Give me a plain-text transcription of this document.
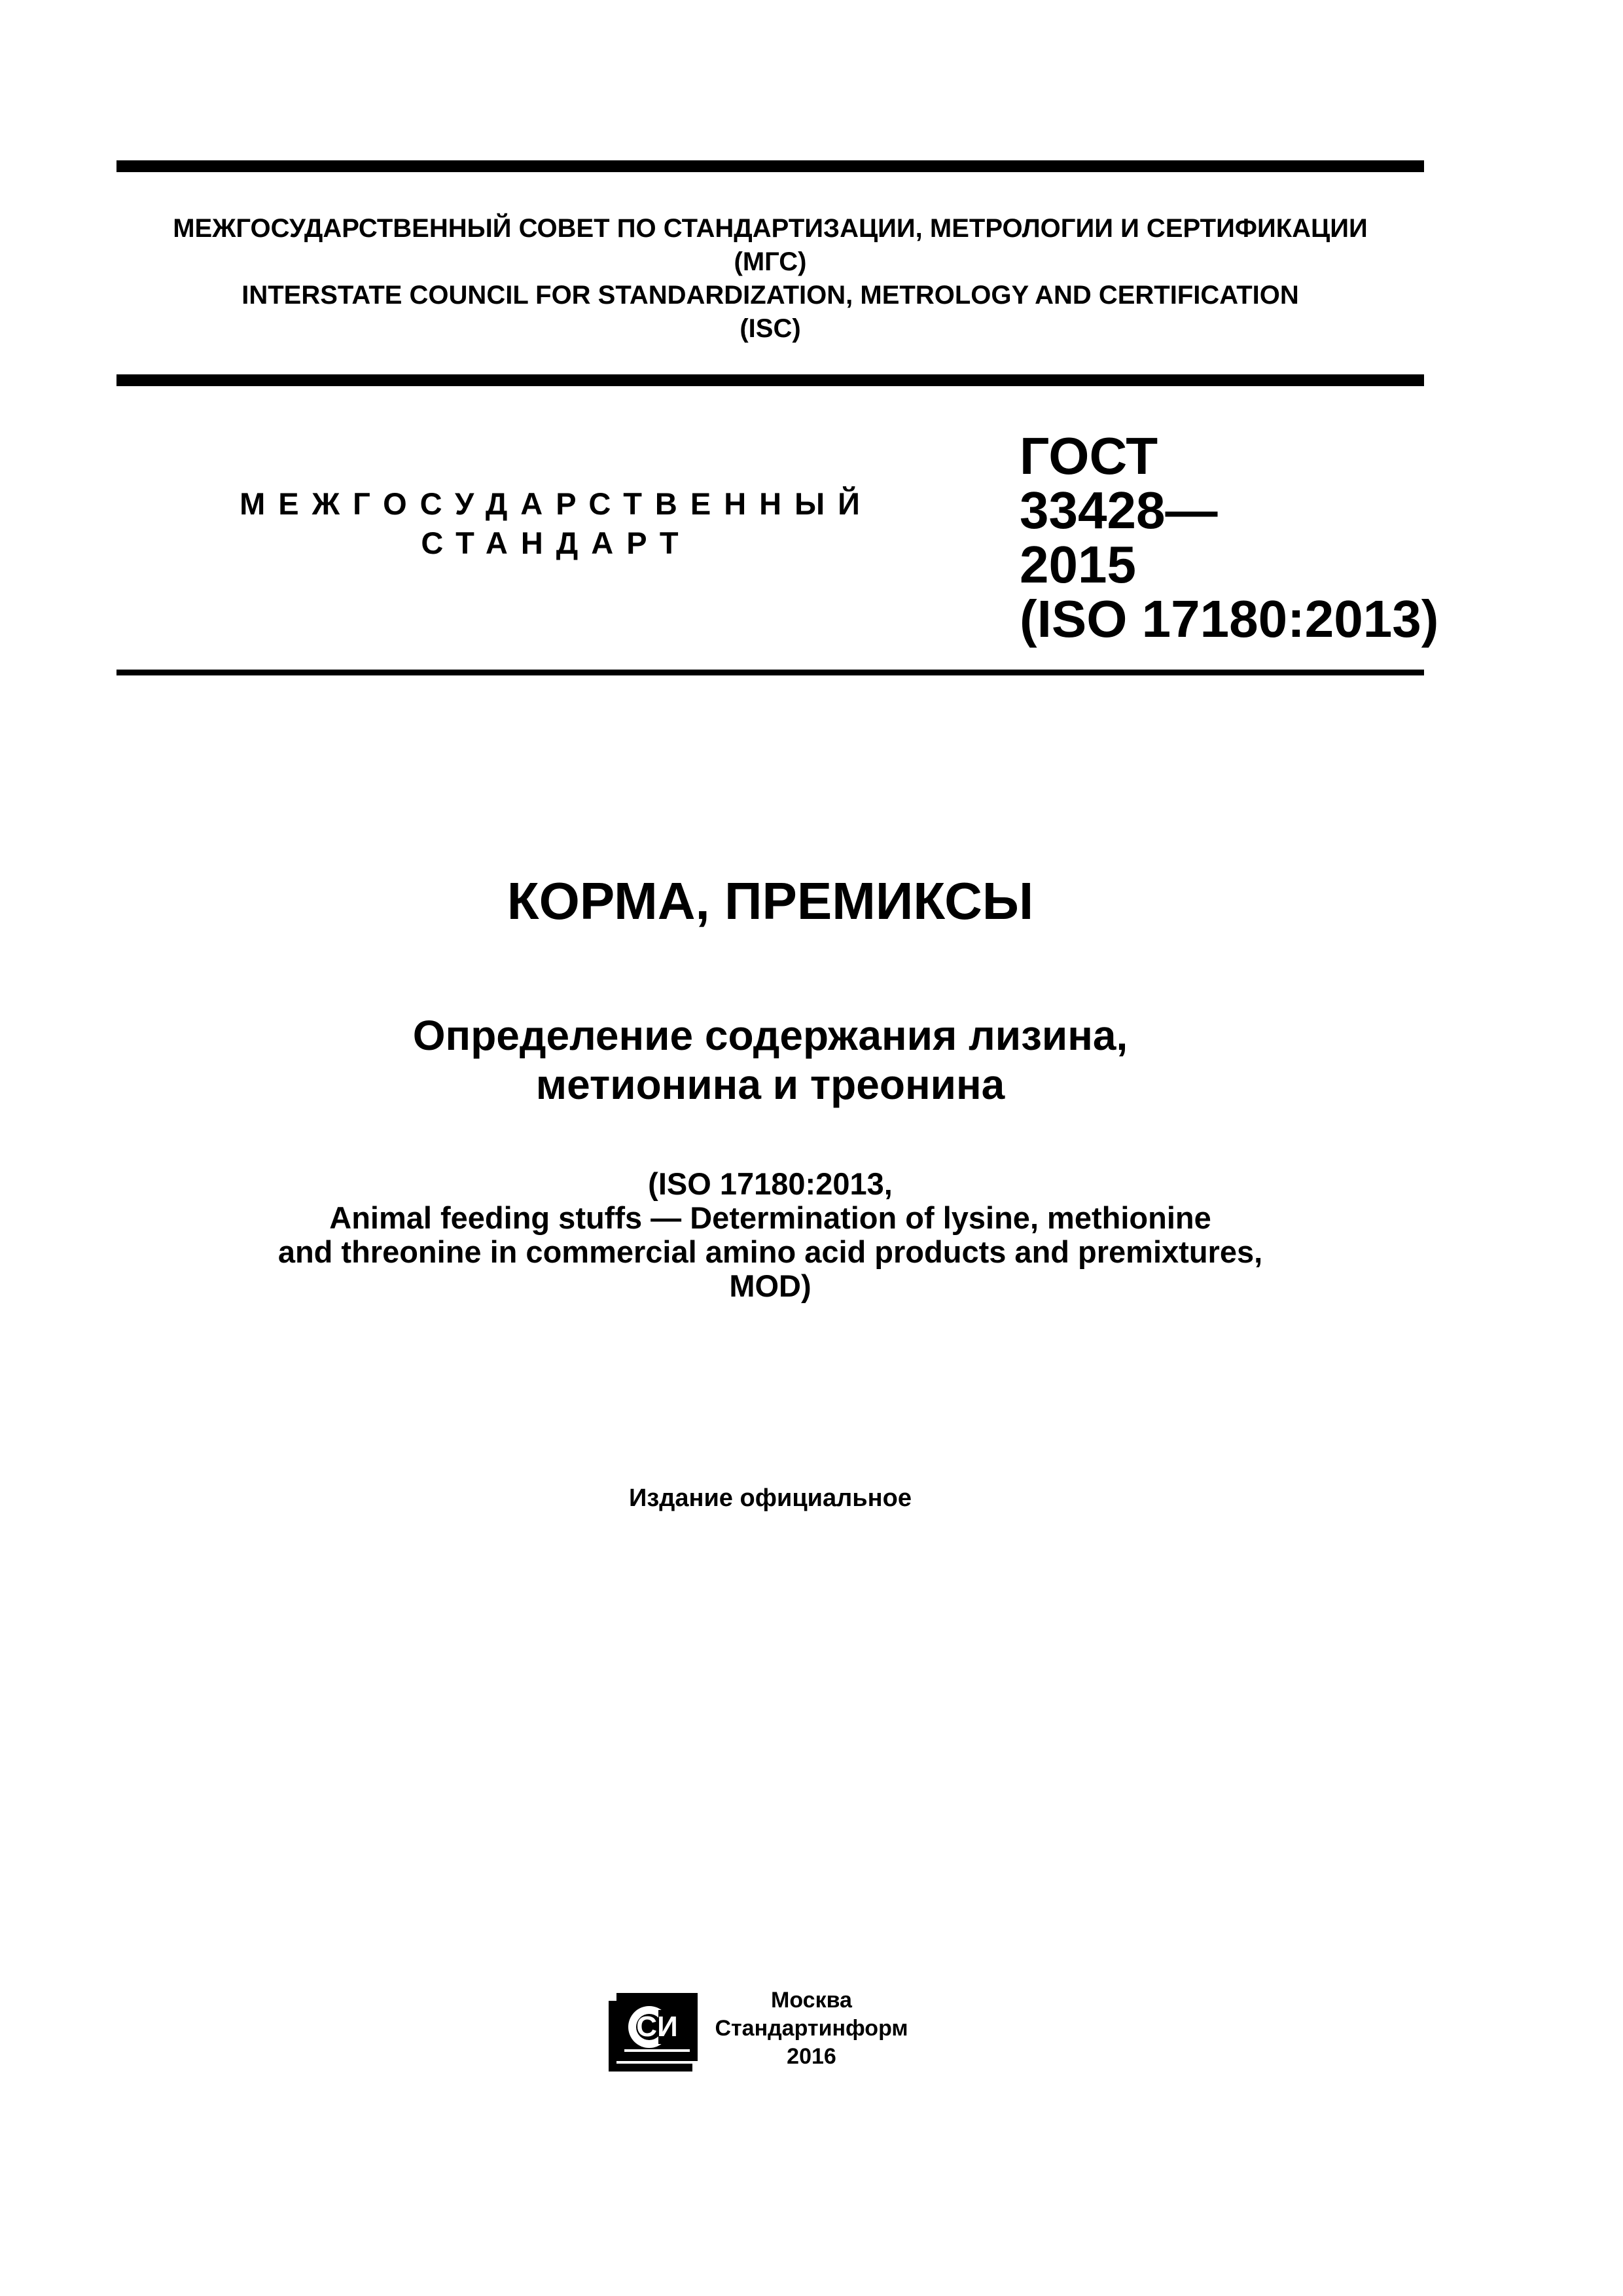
МЕЖГОСУДАРСТВЕННЫЙ СОВЕТ ПО СТАНДАРТИЗАЦИИ, МЕТРОЛОГИИ И СЕРТИФИКАЦИИ

(МГС)

INTERSTATE COUNCIL FOR STANDARDIZATION, METROLOGY AND CERTIFICATION

(ISC)

МЕЖГОСУДАРСТВЕННЫЙ
СТАНДАРТ
ГОСТ
33428—
2015
(ISO 17180:2013)
КОРМА, ПРЕМИКСЫ
Определение содержания лизина,
метионина и треонина
(ISO 17180:2013,
Animal feeding stuffs — Determination of lysine, methionine
and threonine in commercial amino acid products and premixtures,
MOD)
Издание официальное
СИ
Москва
Стандартинформ
2016
